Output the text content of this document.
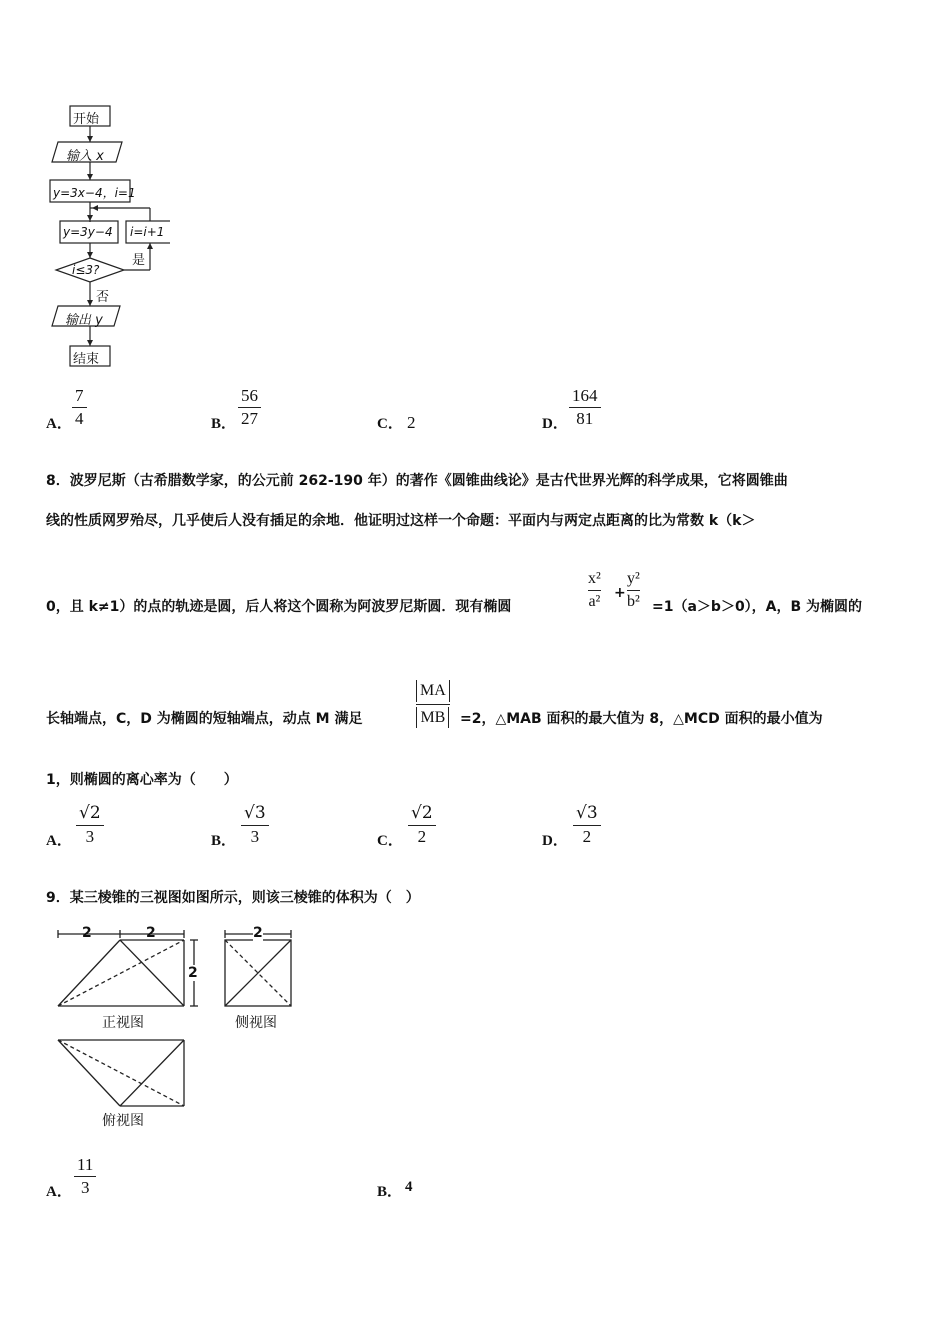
开始
输入 x
y=3x−4，i=1
y=3y−4 i=i+1
i≤3?
是
否
输出 y
结束
A．
7
4	B．
56
27	C． 2	D．
164
81
8．波罗尼斯（古希腊数学家，的公元前 262-190 年）的著作《圆锥曲线论》是古代世界光辉的科学成果，它将圆锥曲
线的性质网罗殆尽，几乎使后人没有插足的余地．他证明过这样一个命题：平面内与两定点距离的比为常数 k（k＞
0，且 k≠1）的点的轨迹是圆，后人将这个圆称为阿波罗尼斯圆．现有椭圆
x²
a² +
y²
b² =1（a＞b＞0），A，B 为椭圆的
长轴端点，C，D 为椭圆的短轴端点，动点 M 满足
MA
MB =2，△MAB 面积的最大值为 8，△MCD 面积的最小值为
1，则椭圆的离心率为（　　）
A．
√2
3	B．
√3
3	C．
√2
2	D．
√3
2
9．某三棱锥的三视图如图所示，则该三棱锥的体积为（　）
2	2
2
2
正视图	侧视图
俯视图
A．
11
3	B． 4
